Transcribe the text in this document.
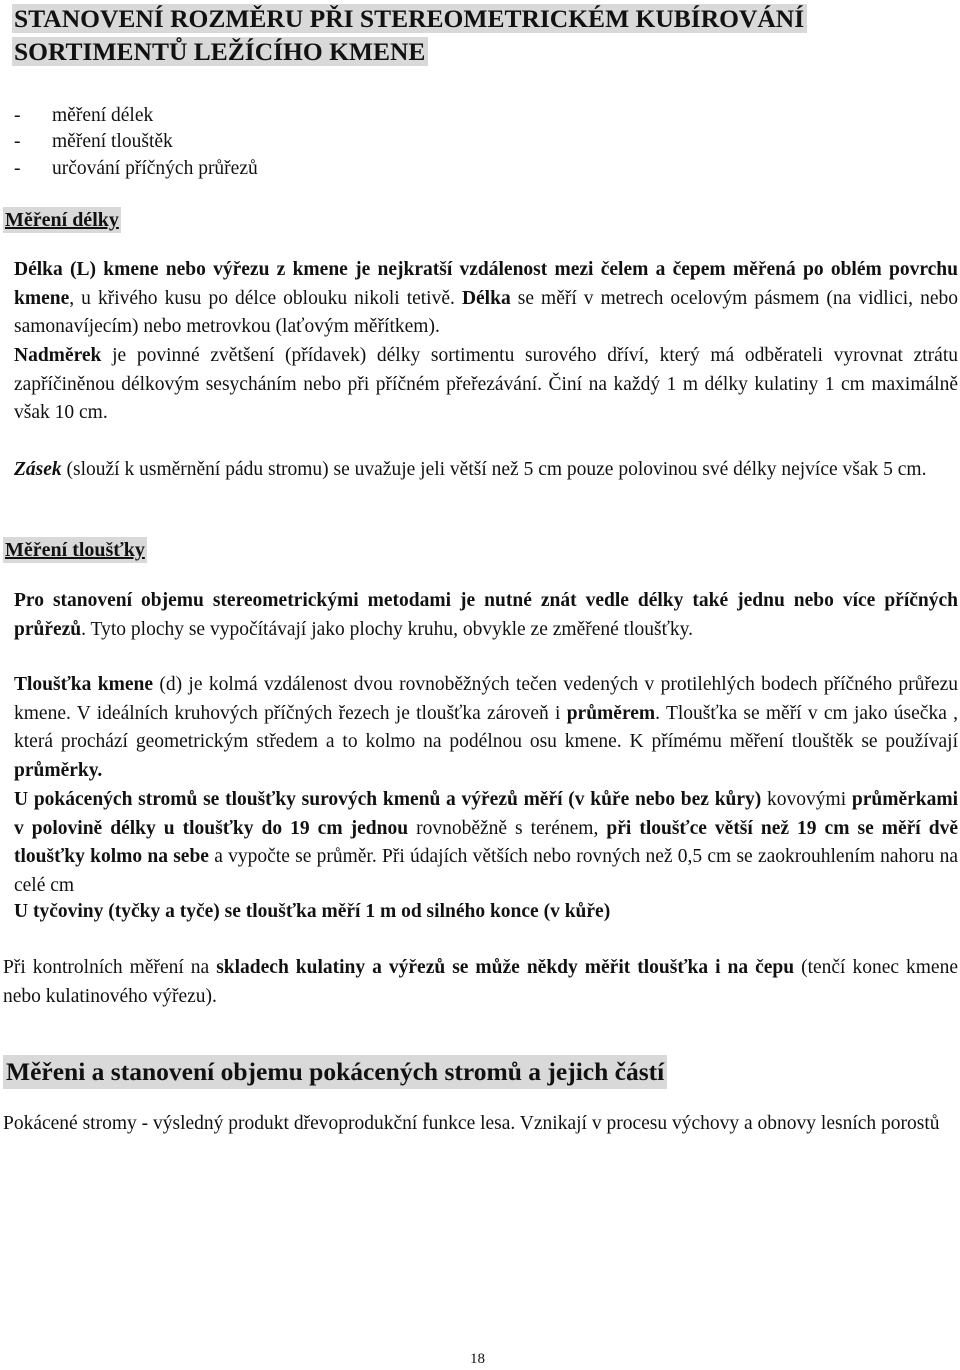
STANOVENÍ ROZMĚRU PŘI STEREOMETRICKÉM KUBÍROVÁNÍ
SORTIMENTŮ LEŽÍCÍHO KMENE
- měření délek
- měření tlouštěk
- určování příčných průřezů
Měření délky
Délka (L) kmene nebo výřezu z kmene je nejkratší vzdálenost mezi čelem a čepem měřená po oblém povrchu kmene, u křivého kusu po délce oblouku nikoli tetivě. Délka se měří v metrech ocelovým pásmem (na vidlici, nebo samonavíjecím) nebo metrovkou (laťovým měřítkem).
Nadměrek je povinné zvětšení (přídavek) délky sortimentu surového dříví, který má odběrateli vyrovnat ztrátu zapříčiněnou délkovým sesycháním nebo při příčném přeřezávání. Činí na každý 1 m délky kulatiny 1 cm maximálně však 10 cm.
Zásek (slouží k usměrnění pádu stromu) se uvažuje jeli větší než 5 cm pouze polovinou své délky nejvíce však 5 cm.
Měření tloušťky
Pro stanovení objemu stereometrickými metodami je nutné znát vedle délky také jednu nebo více příčných průřezů. Tyto plochy se vypočítávají jako plochy kruhu, obvykle ze změřené tloušťky.
Tloušťka kmene (d) je kolmá vzdálenost dvou rovnoběžných tečen vedených v protilehlých bodech příčného průřezu kmene. V ideálních kruhových příčných řezech je tloušťka zároveň i průměrem. Tloušťka se měří v cm jako úsečka , která prochází geometrickým středem a to kolmo na podélnou osu kmene. K přímému měření tlouštěk se používají průměrky.
U pokácených stromů se tloušťky surových kmenů a výřezů měří (v kůře nebo bez kůry) kovovými průměrkami v polovině délky u tloušťky do 19 cm jednou rovnoběžně s terénem, při tloušťce větší než 19 cm se měří dvě tloušťky kolmo na sebe a vypočte se průměr. Při údajích větších nebo rovných než 0,5 cm se zaokrouhlením nahoru na celé cm
U tyčoviny (tyčky a tyče) se tloušťka měří 1 m od silného konce (v kůře)
Při kontrolních měření na skladech kulatiny a výřezů se může někdy měřit tloušťka i na čepu (tenčí konec kmene nebo kulatinového výřezu).
Měřeni a stanovení objemu pokácených stromů a jejich částí
Pokácené stromy - výsledný produkt dřevoprodukční funkce lesa. Vznikají v procesu výchovy a obnovy lesních porostů
18
